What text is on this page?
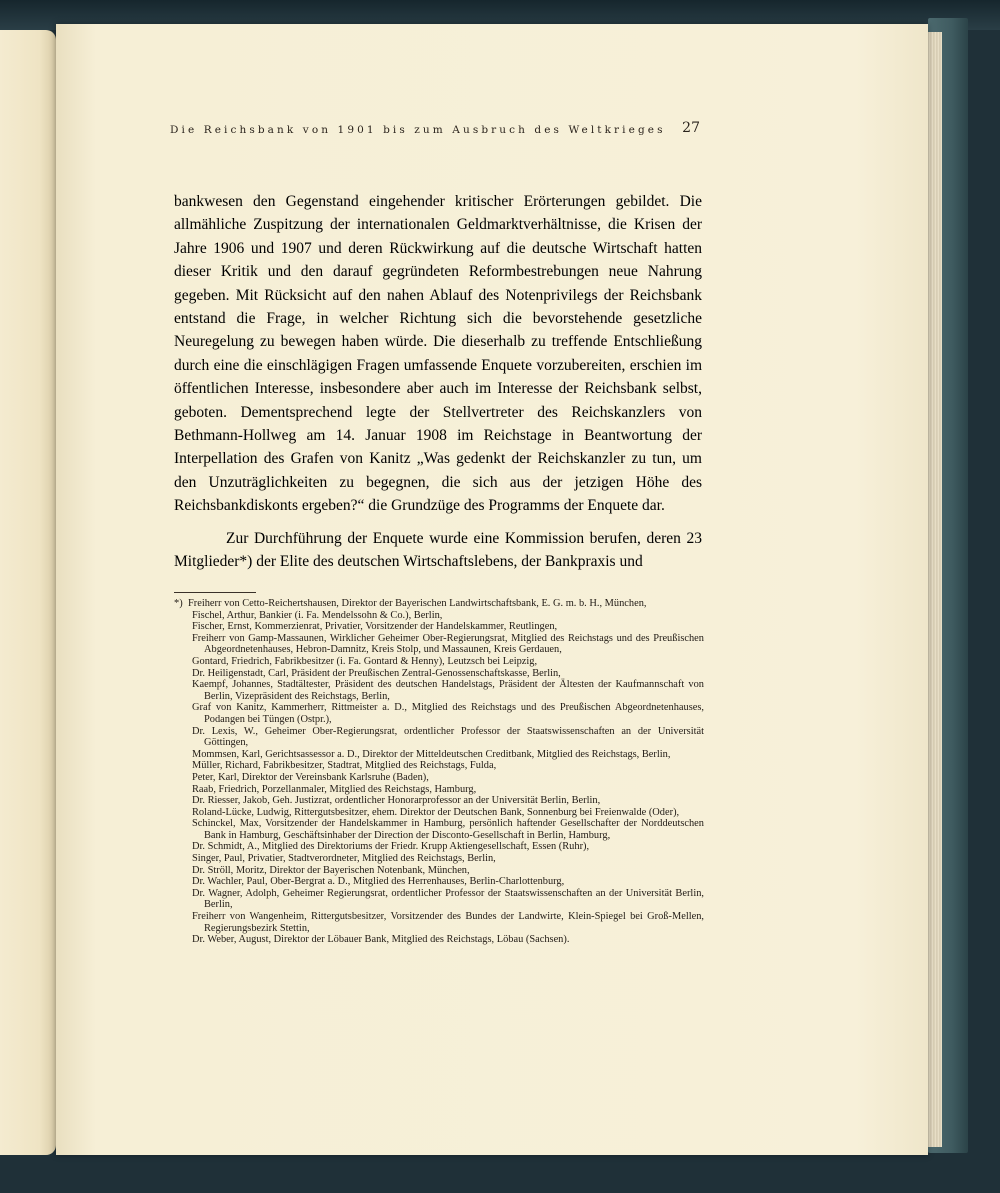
Die Reichsbank von 1901 bis zum Ausbruch des Weltkrieges 27

bankwesen den Gegenstand eingehender kritischer Erörterungen gebildet. Die allmähliche Zuspitzung der internationalen Geldmarktverhältnisse, die Krisen der Jahre 1906 und 1907 und deren Rückwirkung auf die deutsche Wirtschaft hatten dieser Kritik und den darauf gegründeten Reformbestrebungen neue Nahrung gegeben. Mit Rücksicht auf den nahen Ablauf des Notenprivilegs der Reichsbank entstand die Frage, in welcher Richtung sich die bevorstehende gesetzliche Neuregelung zu bewegen haben würde. Die dieserhalb zu treffende Entschließung durch eine die einschlägigen Fragen umfassende Enquete vorzubereiten, erschien im öffentlichen Interesse, insbesondere aber auch im Interesse der Reichsbank selbst, geboten. Dementsprechend legte der Stellvertreter des Reichskanzlers von Bethmann-Hollweg am 14. Januar 1908 im Reichstage in Beantwortung der Interpellation des Grafen von Kanitz „Was gedenkt der Reichskanzler zu tun, um den Unzuträglichkeiten zu begegnen, die sich aus der jetzigen Höhe des Reichsbankdiskonts ergeben?“ die Grundzüge des Programms der Enquete dar.

Zur Durchführung der Enquete wurde eine Kommission berufen, deren 23 Mitglieder*) der Elite des deutschen Wirtschaftslebens, der Bankpraxis und

*) Freiherr von Cetto-Reichertshausen, Direktor der Bayerischen Landwirtschaftsbank, E. G. m. b. H., München,
Fischel, Arthur, Bankier (i. Fa. Mendelssohn & Co.), Berlin,
Fischer, Ernst, Kommerzienrat, Privatier, Vorsitzender der Handelskammer, Reutlingen,
Freiherr von Gamp-Massaunen, Wirklicher Geheimer Ober-Regierungsrat, Mitglied des Reichstags und des Preußischen Abgeordnetenhauses, Hebron-Damnitz, Kreis Stolp, und Massaunen, Kreis Gerdauen,
Gontard, Friedrich, Fabrikbesitzer (i. Fa. Gontard & Henny), Leutzsch bei Leipzig,
Dr. Heiligenstadt, Carl, Präsident der Preußischen Zentral-Genossenschaftskasse, Berlin,
Kaempf, Johannes, Stadtältester, Präsident des deutschen Handelstags, Präsident der Ältesten der Kaufmannschaft von Berlin, Vizepräsident des Reichstags, Berlin,
Graf von Kanitz, Kammerherr, Rittmeister a. D., Mitglied des Reichstags und des Preußischen Abgeordnetenhauses, Podangen bei Tüngen (Ostpr.),
Dr. Lexis, W., Geheimer Ober-Regierungsrat, ordentlicher Professor der Staatswissenschaften an der Universität Göttingen,
Mommsen, Karl, Gerichtsassessor a. D., Direktor der Mitteldeutschen Creditbank, Mitglied des Reichstags, Berlin,
Müller, Richard, Fabrikbesitzer, Stadtrat, Mitglied des Reichstags, Fulda,
Peter, Karl, Direktor der Vereinsbank Karlsruhe (Baden),
Raab, Friedrich, Porzellanmaler, Mitglied des Reichstags, Hamburg,
Dr. Riesser, Jakob, Geh. Justizrat, ordentlicher Honorarprofessor an der Universität Berlin, Berlin,
Roland-Lücke, Ludwig, Rittergutsbesitzer, ehem. Direktor der Deutschen Bank, Sonnenburg bei Freienwalde (Oder),
Schinckel, Max, Vorsitzender der Handelskammer in Hamburg, persönlich haftender Gesellschafter der Norddeutschen Bank in Hamburg, Geschäftsinhaber der Direction der Disconto-Gesellschaft in Berlin, Hamburg,
Dr. Schmidt, A., Mitglied des Direktoriums der Friedr. Krupp Aktiengesellschaft, Essen (Ruhr),
Singer, Paul, Privatier, Stadtverordneter, Mitglied des Reichstags, Berlin,
Dr. Ströll, Moritz, Direktor der Bayerischen Notenbank, München,
Dr. Wachler, Paul, Ober-Bergrat a. D., Mitglied des Herrenhauses, Berlin-Charlottenburg,
Dr. Wagner, Adolph, Geheimer Regierungsrat, ordentlicher Professor der Staatswissenschaften an der Universität Berlin, Berlin,
Freiherr von Wangenheim, Rittergutsbesitzer, Vorsitzender des Bundes der Landwirte, Klein-Spiegel bei Groß-Mellen, Regierungsbezirk Stettin,
Dr. Weber, August, Direktor der Löbauer Bank, Mitglied des Reichstags, Löbau (Sachsen).
